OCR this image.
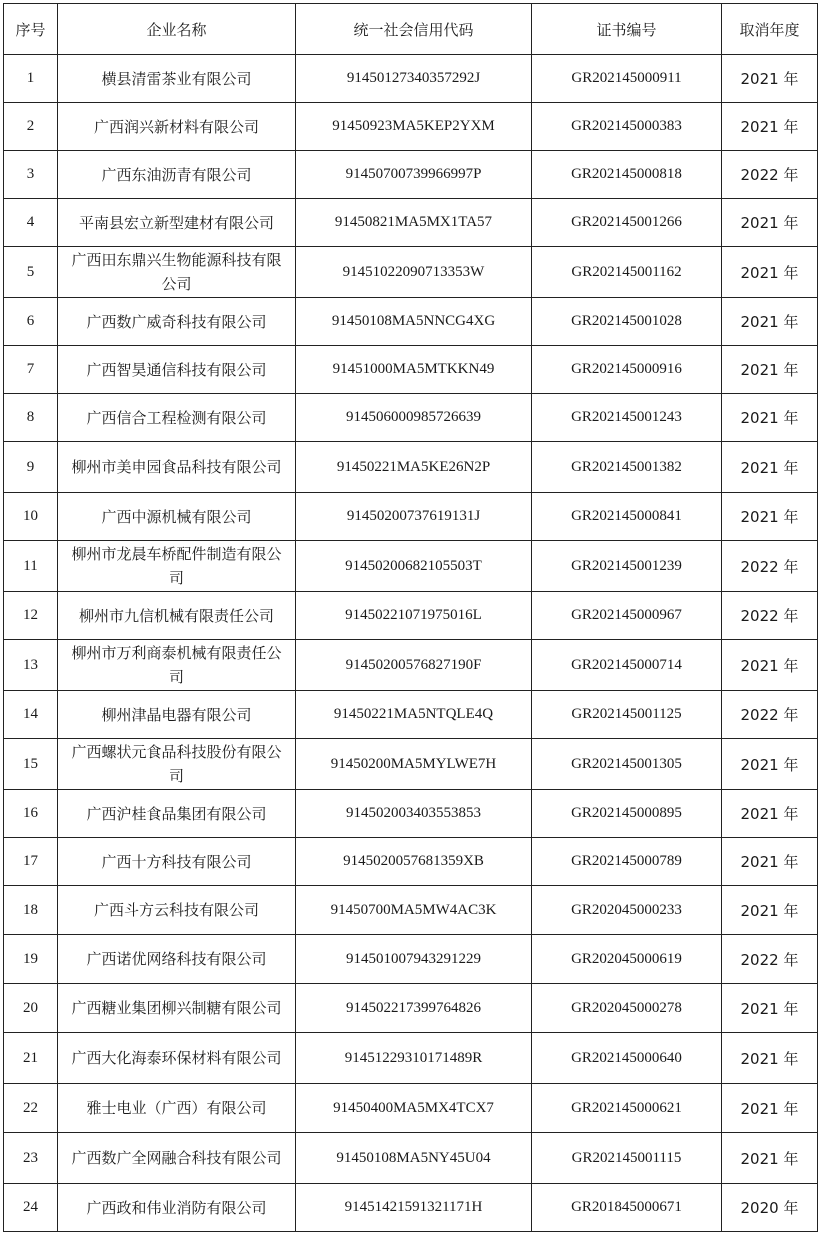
序号	企业名称	统一社会信用代码	证书编号	取消年度
1	横县清雷茶业有限公司	91450127340357292J	GR202145000911	2021 年
2	广西润兴新材料有限公司	91450923MA5KEP2YXM	GR202145000383	2021 年
3	广西东油沥青有限公司	91450700739966997P	GR202145000818	2022 年
4	平南县宏立新型建材有限公司	91450821MA5MX1TA57	GR202145001266	2021 年
5	广西田东鼎兴生物能源科技有限公司	91451022090713353W	GR202145001162	2021 年
6	广西数广威奇科技有限公司	91450108MA5NNCG4XG	GR202145001028	2021 年
7	广西智昊通信科技有限公司	91451000MA5MTKKN49	GR202145000916	2021 年
8	广西信合工程检测有限公司	914506000985726639	GR202145001243	2021 年
9	柳州市美申园食品科技有限公司	91450221MA5KE26N2P	GR202145001382	2021 年
10	广西中源机械有限公司	91450200737619131J	GR202145000841	2021 年
11	柳州市龙晨车桥配件制造有限公司	91450200682105503T	GR202145001239	2022 年
12	柳州市九信机械有限责任公司	91450221071975016L	GR202145000967	2022 年
13	柳州市万利商泰机械有限责任公司	91450200576827190F	GR202145000714	2021 年
14	柳州津晶电器有限公司	91450221MA5NTQLE4Q	GR202145001125	2022 年
15	广西螺状元食品科技股份有限公司	91450200MA5MYLWE7H	GR202145001305	2021 年
16	广西沪桂食品集团有限公司	914502003403553853	GR202145000895	2021 年
17	广西十方科技有限公司	9145020057681359XB	GR202145000789	2021 年
18	广西斗方云科技有限公司	91450700MA5MW4AC3K	GR202045000233	2021 年
19	广西诺优网络科技有限公司	914501007943291229	GR202045000619	2022 年
20	广西糖业集团柳兴制糖有限公司	914502217399764826	GR202045000278	2021 年
21	广西大化海泰环保材料有限公司	91451229310171489R	GR202145000640	2021 年
22	雅士电业（广西）有限公司	91450400MA5MX4TCX7	GR202145000621	2021 年
23	广西数广全网融合科技有限公司	91450108MA5NY45U04	GR202145001115	2021 年
24	广西政和伟业消防有限公司	91451421591321171H	GR201845000671	2020 年
